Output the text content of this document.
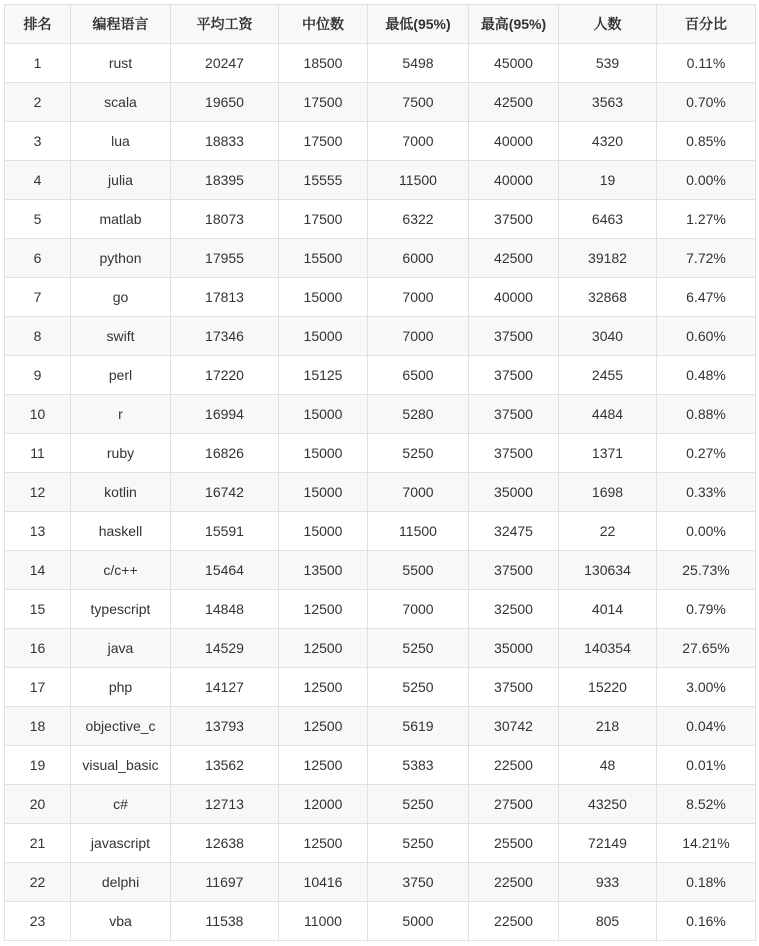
排名	编程语言	平均工资	中位数	最低(95%)	最高(95%)	人数	百分比
1	rust	20247	18500	5498	45000	539	0.11%
2	scala	19650	17500	7500	42500	3563	0.70%
3	lua	18833	17500	7000	40000	4320	0.85%
4	julia	18395	15555	11500	40000	19	0.00%
5	matlab	18073	17500	6322	37500	6463	1.27%
6	python	17955	15500	6000	42500	39182	7.72%
7	go	17813	15000	7000	40000	32868	6.47%
8	swift	17346	15000	7000	37500	3040	0.60%
9	perl	17220	15125	6500	37500	2455	0.48%
10	r	16994	15000	5280	37500	4484	0.88%
11	ruby	16826	15000	5250	37500	1371	0.27%
12	kotlin	16742	15000	7000	35000	1698	0.33%
13	haskell	15591	15000	11500	32475	22	0.00%
14	c/c++	15464	13500	5500	37500	130634	25.73%
15	typescript	14848	12500	7000	32500	4014	0.79%
16	java	14529	12500	5250	35000	140354	27.65%
17	php	14127	12500	5250	37500	15220	3.00%
18	objective_c	13793	12500	5619	30742	218	0.04%
19	visual_basic	13562	12500	5383	22500	48	0.01%
20	c#	12713	12000	5250	27500	43250	8.52%
21	javascript	12638	12500	5250	25500	72149	14.21%
22	delphi	11697	10416	3750	22500	933	0.18%
23	vba	11538	11000	5000	22500	805	0.16%
